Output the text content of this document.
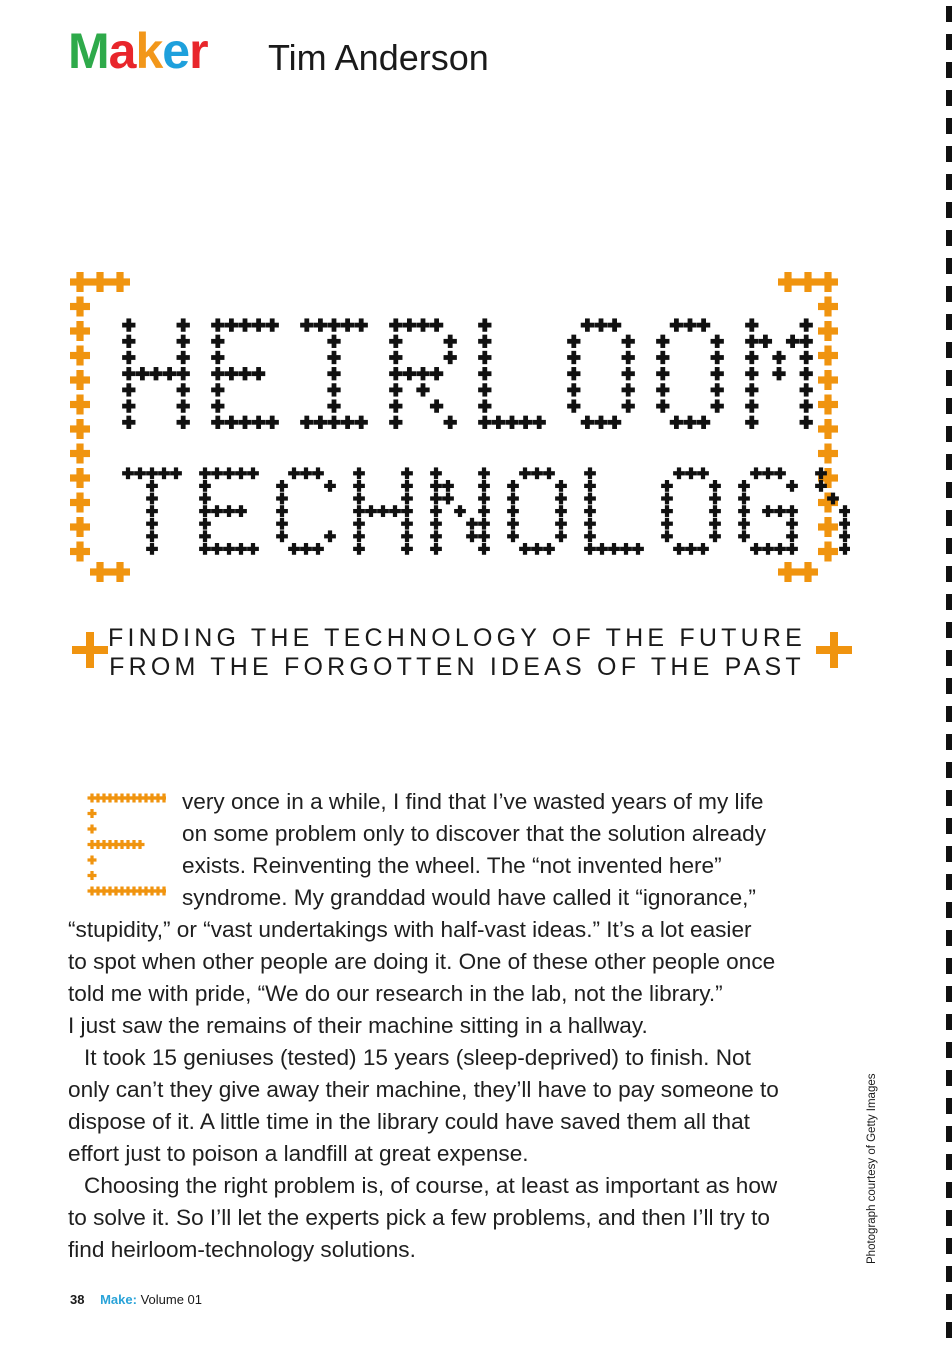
Maker Tim Anderson
FINDING THE TECHNOLOGY OF THE FUTURE
FROM THE FORGOTTEN IDEAS OF THE PAST
very once in a while, I find that I’ve wasted years of my life
on some problem only to discover that the solution already
exists. Reinventing the wheel. The “not invented here”
syndrome. My granddad would have called it “ignorance,”
“stupidity,” or “vast undertakings with half-vast ideas.” It’s a lot easier
to spot when other people are doing it. One of these other people once
told me with pride, “We do our research in the lab, not the library.”
I just saw the remains of their machine sitting in a hallway.
It took 15 geniuses (tested) 15 years (sleep-deprived) to finish. Not
only can’t they give away their machine, they’ll have to pay someone to
dispose of it. A little time in the library could have saved them all that
effort just to poison a landfill at great expense.
Choosing the right problem is, of course, at least as important as how
to solve it. So I’ll let the experts pick a few problems, and then I’ll try to
find heirloom-technology solutions.	Photograph courtesy of Getty Images
38 Make: Volume 01
